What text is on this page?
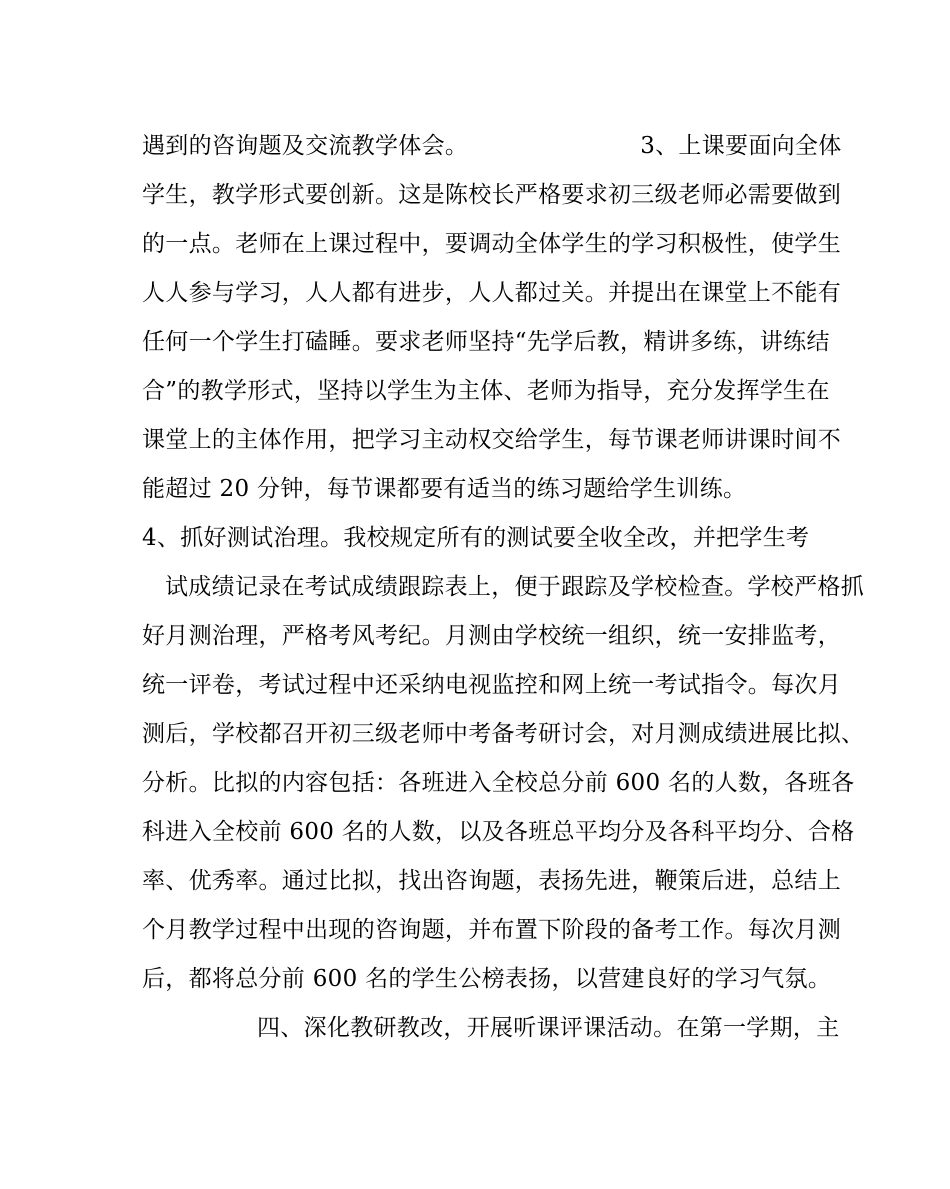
遇到的咨询题及交流教学体会。	3、上课要面向全体
学生，教学形式要创新。这是陈校长严格要求初三级老师必需要做到
的一点。老师在上课过程中，要调动全体学生的学习积极性，使学生
人人参与学习，人人都有进步，人人都过关。并提出在课堂上不能有
任何一个学生打磕睡。要求老师坚持“先学后教，精讲多练，讲练结
合”的教学形式，坚持以学生为主体、老师为指导，充分发挥学生在
课堂上的主体作用，把学习主动权交给学生，每节课老师讲课时间不
能超过 20 分钟，每节课都要有适当的练习题给学生训练。
4、抓好测试治理。我校规定所有的测试要全收全改，并把学生考
试成绩记录在考试成绩跟踪表上，便于跟踪及学校检查。学校严格抓
好月测治理，严格考风考纪。月测由学校统一组织，统一安排监考，
统一评卷，考试过程中还采纳电视监控和网上统一考试指令。每次月
测后，学校都召开初三级老师中考备考研讨会，对月测成绩进展比拟、
分析。比拟的内容包括：各班进入全校总分前 600 名的人数，各班各
科进入全校前 600 名的人数，以及各班总平均分及各科平均分、合格
率、优秀率。通过比拟，找出咨询题，表扬先进，鞭策后进，总结上
个月教学过程中出现的咨询题，并布置下阶段的备考工作。每次月测
后，都将总分前 600 名的学生公榜表扬，以营建良好的学习气氛。
四、深化教研教改，开展听课评课活动。在第一学期，主
